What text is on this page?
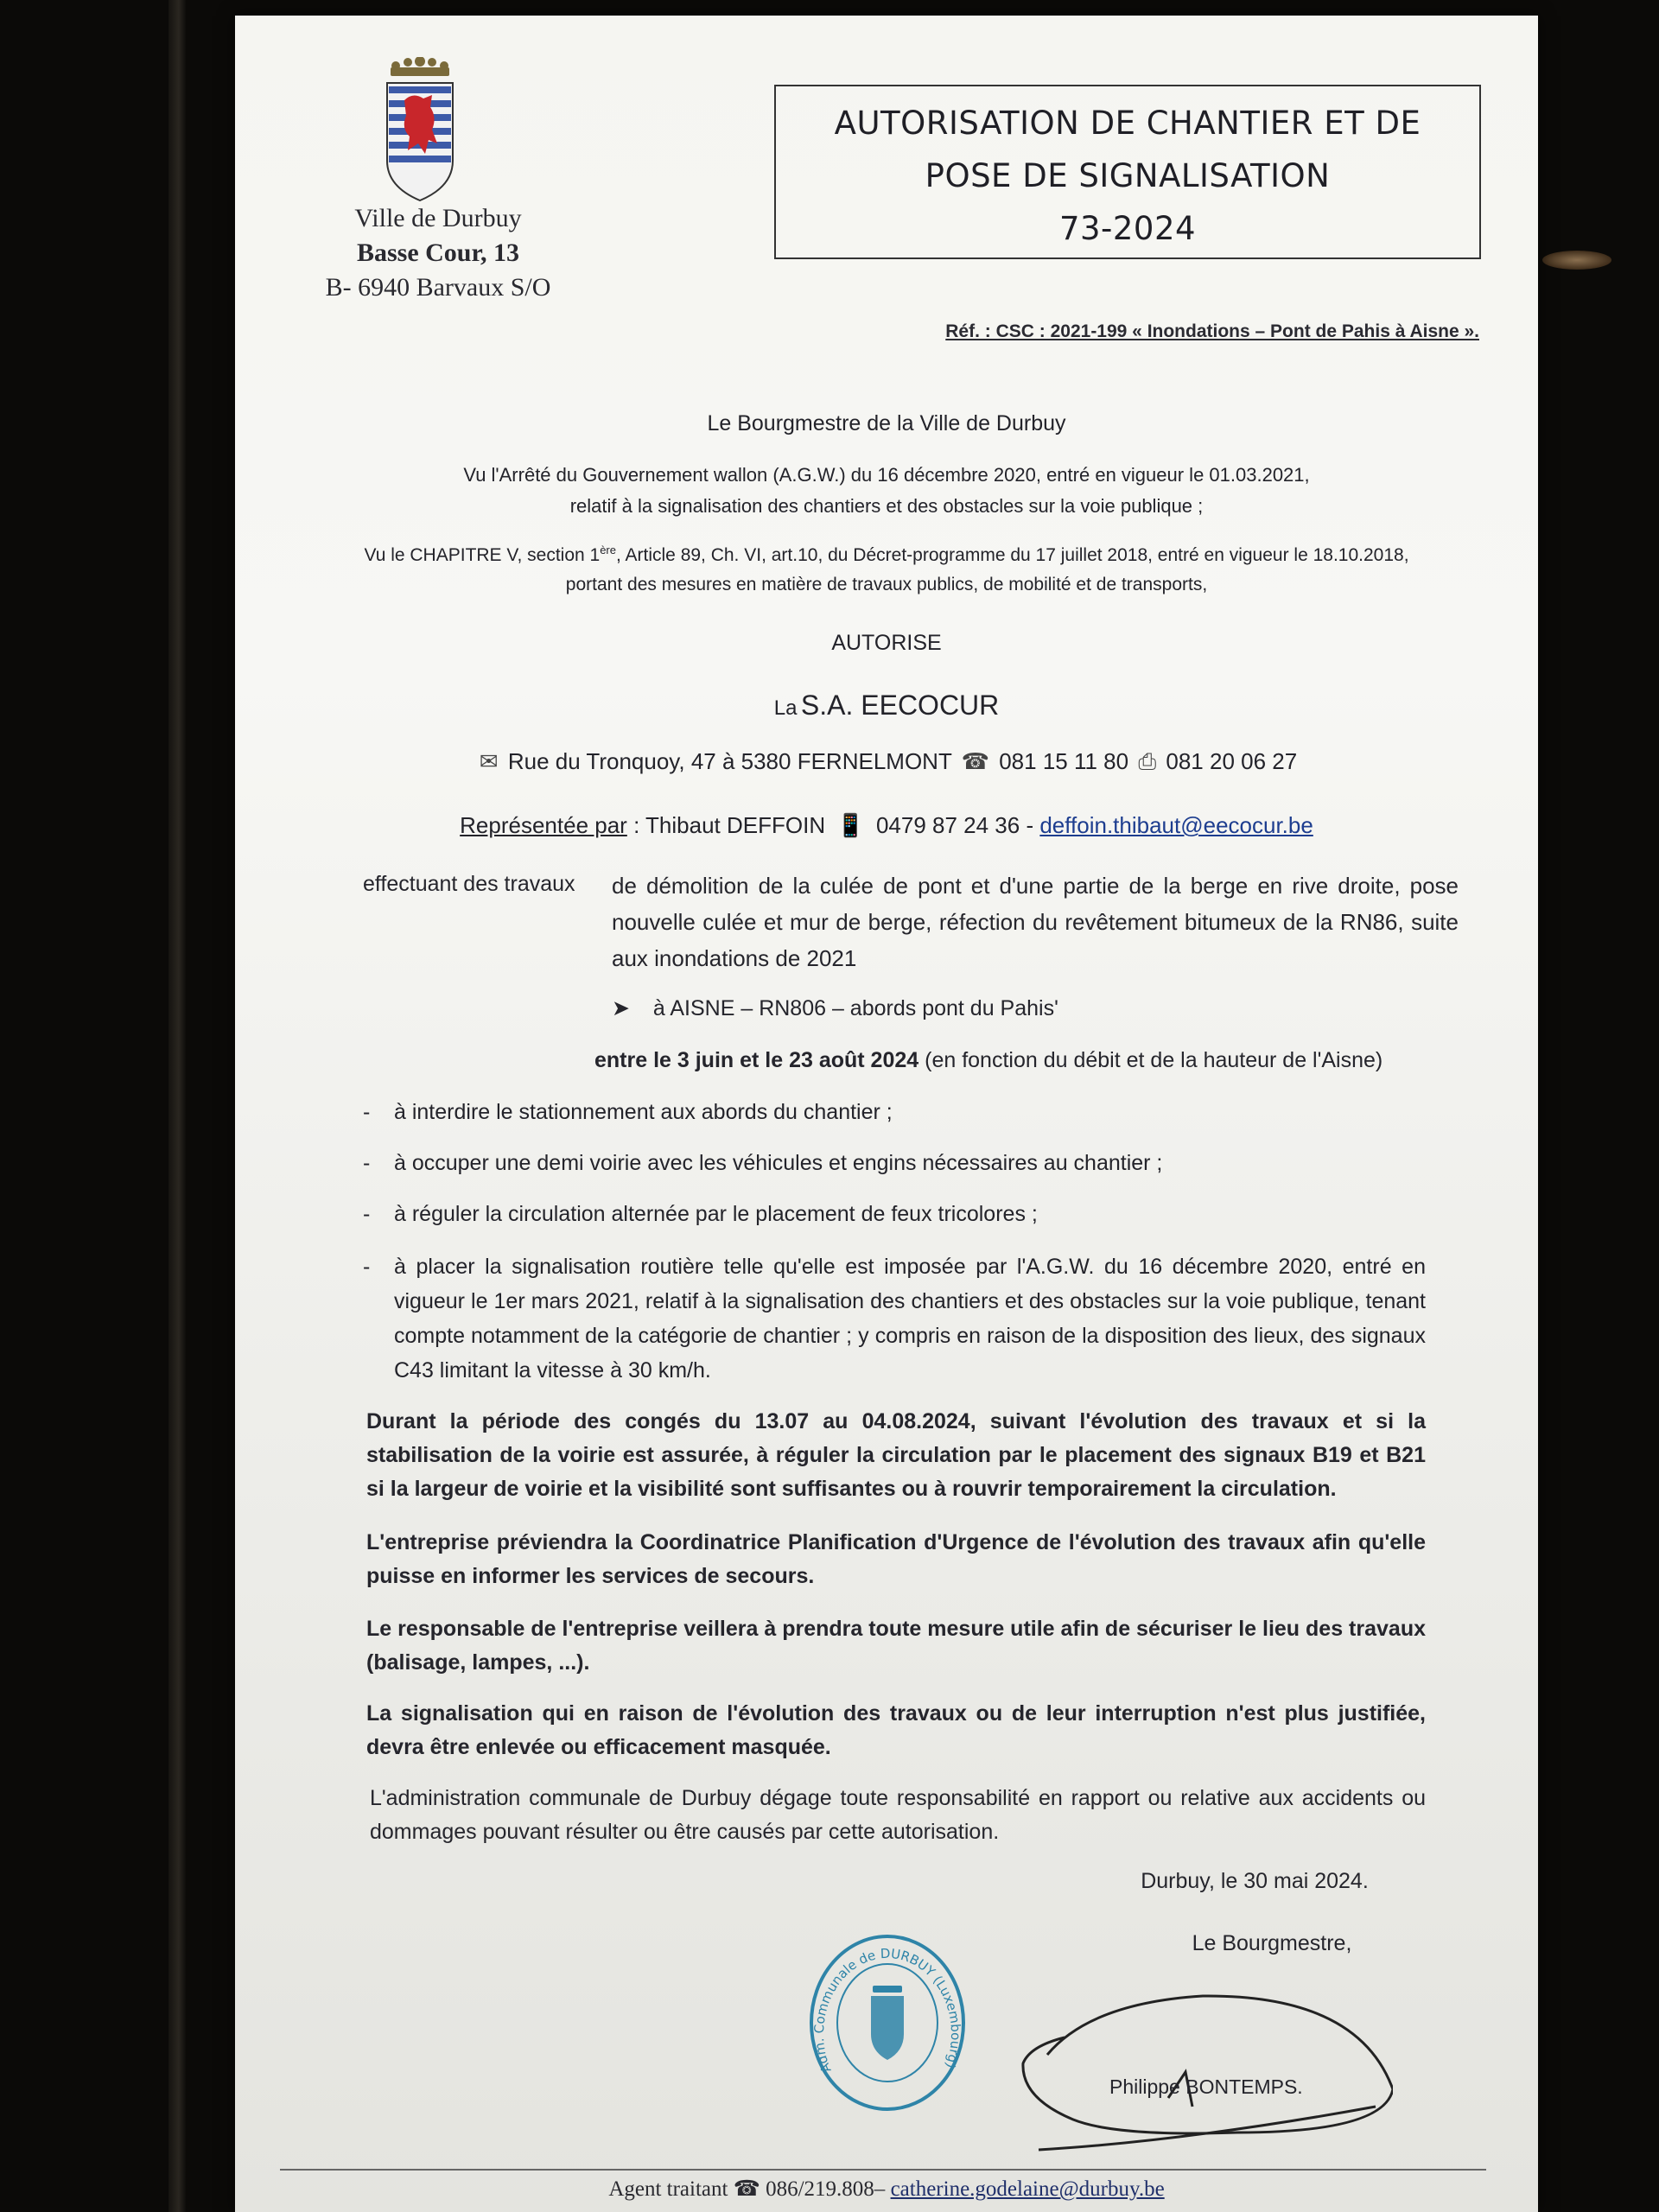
Ville de Durbuy
Basse Cour, 13
B- 6940 Barvaux S/O
AUTORISATION DE CHANTIER ET DE
POSE DE SIGNALISATION
73-2024
Réf. : CSC : 2021-199 « Inondations – Pont de Pahis à Aisne ».
Le Bourgmestre de la Ville de Durbuy
Vu l'Arrêté du Gouvernement wallon (A.G.W.) du 16 décembre 2020, entré en vigueur le 01.03.2021,
relatif à la signalisation des chantiers et des obstacles sur la voie publique ;
Vu le CHAPITRE V, section 1ère, Article 89, Ch. VI, art.10, du Décret-programme du 17 juillet 2018, entré en vigueur le 18.10.2018,
portant des mesures en matière de travaux publics, de mobilité et de transports,
AUTORISE
La S.A. EECOCUR
✉ Rue du Tronquoy, 47 à 5380 FERNELMONT ☎ 081 15 11 80 ⎙ 081 20 06 27
Représentée par : Thibaut DEFFOIN 📱 0479 87 24 36 - deffoin.thibaut@eecocur.be
effectuant des travaux	de démolition de la culée de pont et d'une partie de la berge en rive droite, pose nouvelle culée et mur de berge, réfection du revêtement bitumeux de la RN86, suite aux inondations de 2021
➤ à AISNE – RN806 – abords pont du Pahis'
entre le 3 juin et le 23 août 2024 (en fonction du débit et de la hauteur de l'Aisne)
- à interdire le stationnement aux abords du chantier ;
- à occuper une demi voirie avec les véhicules et engins nécessaires au chantier ;
- à réguler la circulation alternée par le placement de feux tricolores ;
- à placer la signalisation routière telle qu'elle est imposée par l'A.G.W. du 16 décembre 2020, entré en vigueur le 1er mars 2021, relatif à la signalisation des chantiers et des obstacles sur la voie publique, tenant compte notamment de la catégorie de chantier ; y compris en raison de la disposition des lieux, des signaux C43 limitant la vitesse à 30 km/h.
Durant la période des congés du 13.07 au 04.08.2024, suivant l'évolution des travaux et si la stabilisation de la voirie est assurée, à réguler la circulation par le placement des signaux B19 et B21 si la largeur de voirie et la visibilité sont suffisantes ou à rouvrir temporairement la circulation.
L'entreprise préviendra la Coordinatrice Planification d'Urgence de l'évolution des travaux afin qu'elle puisse en informer les services de secours.
Le responsable de l'entreprise veillera à prendra toute mesure utile afin de sécuriser le lieu des travaux (balisage, lampes, ...).
La signalisation qui en raison de l'évolution des travaux ou de leur interruption n'est plus justifiée, devra être enlevée ou efficacement masquée.
L'administration communale de Durbuy dégage toute responsabilité en rapport ou relative aux accidents ou dommages pouvant résulter ou être causés par cette autorisation.
Durbuy, le 30 mai 2024.
Le Bourgmestre,
Adm. Communale de DURBUY (Luxembourg)
Philippe BONTEMPS.
Agent traitant ☎ 086/219.808– catherine.godelaine@durbuy.be
